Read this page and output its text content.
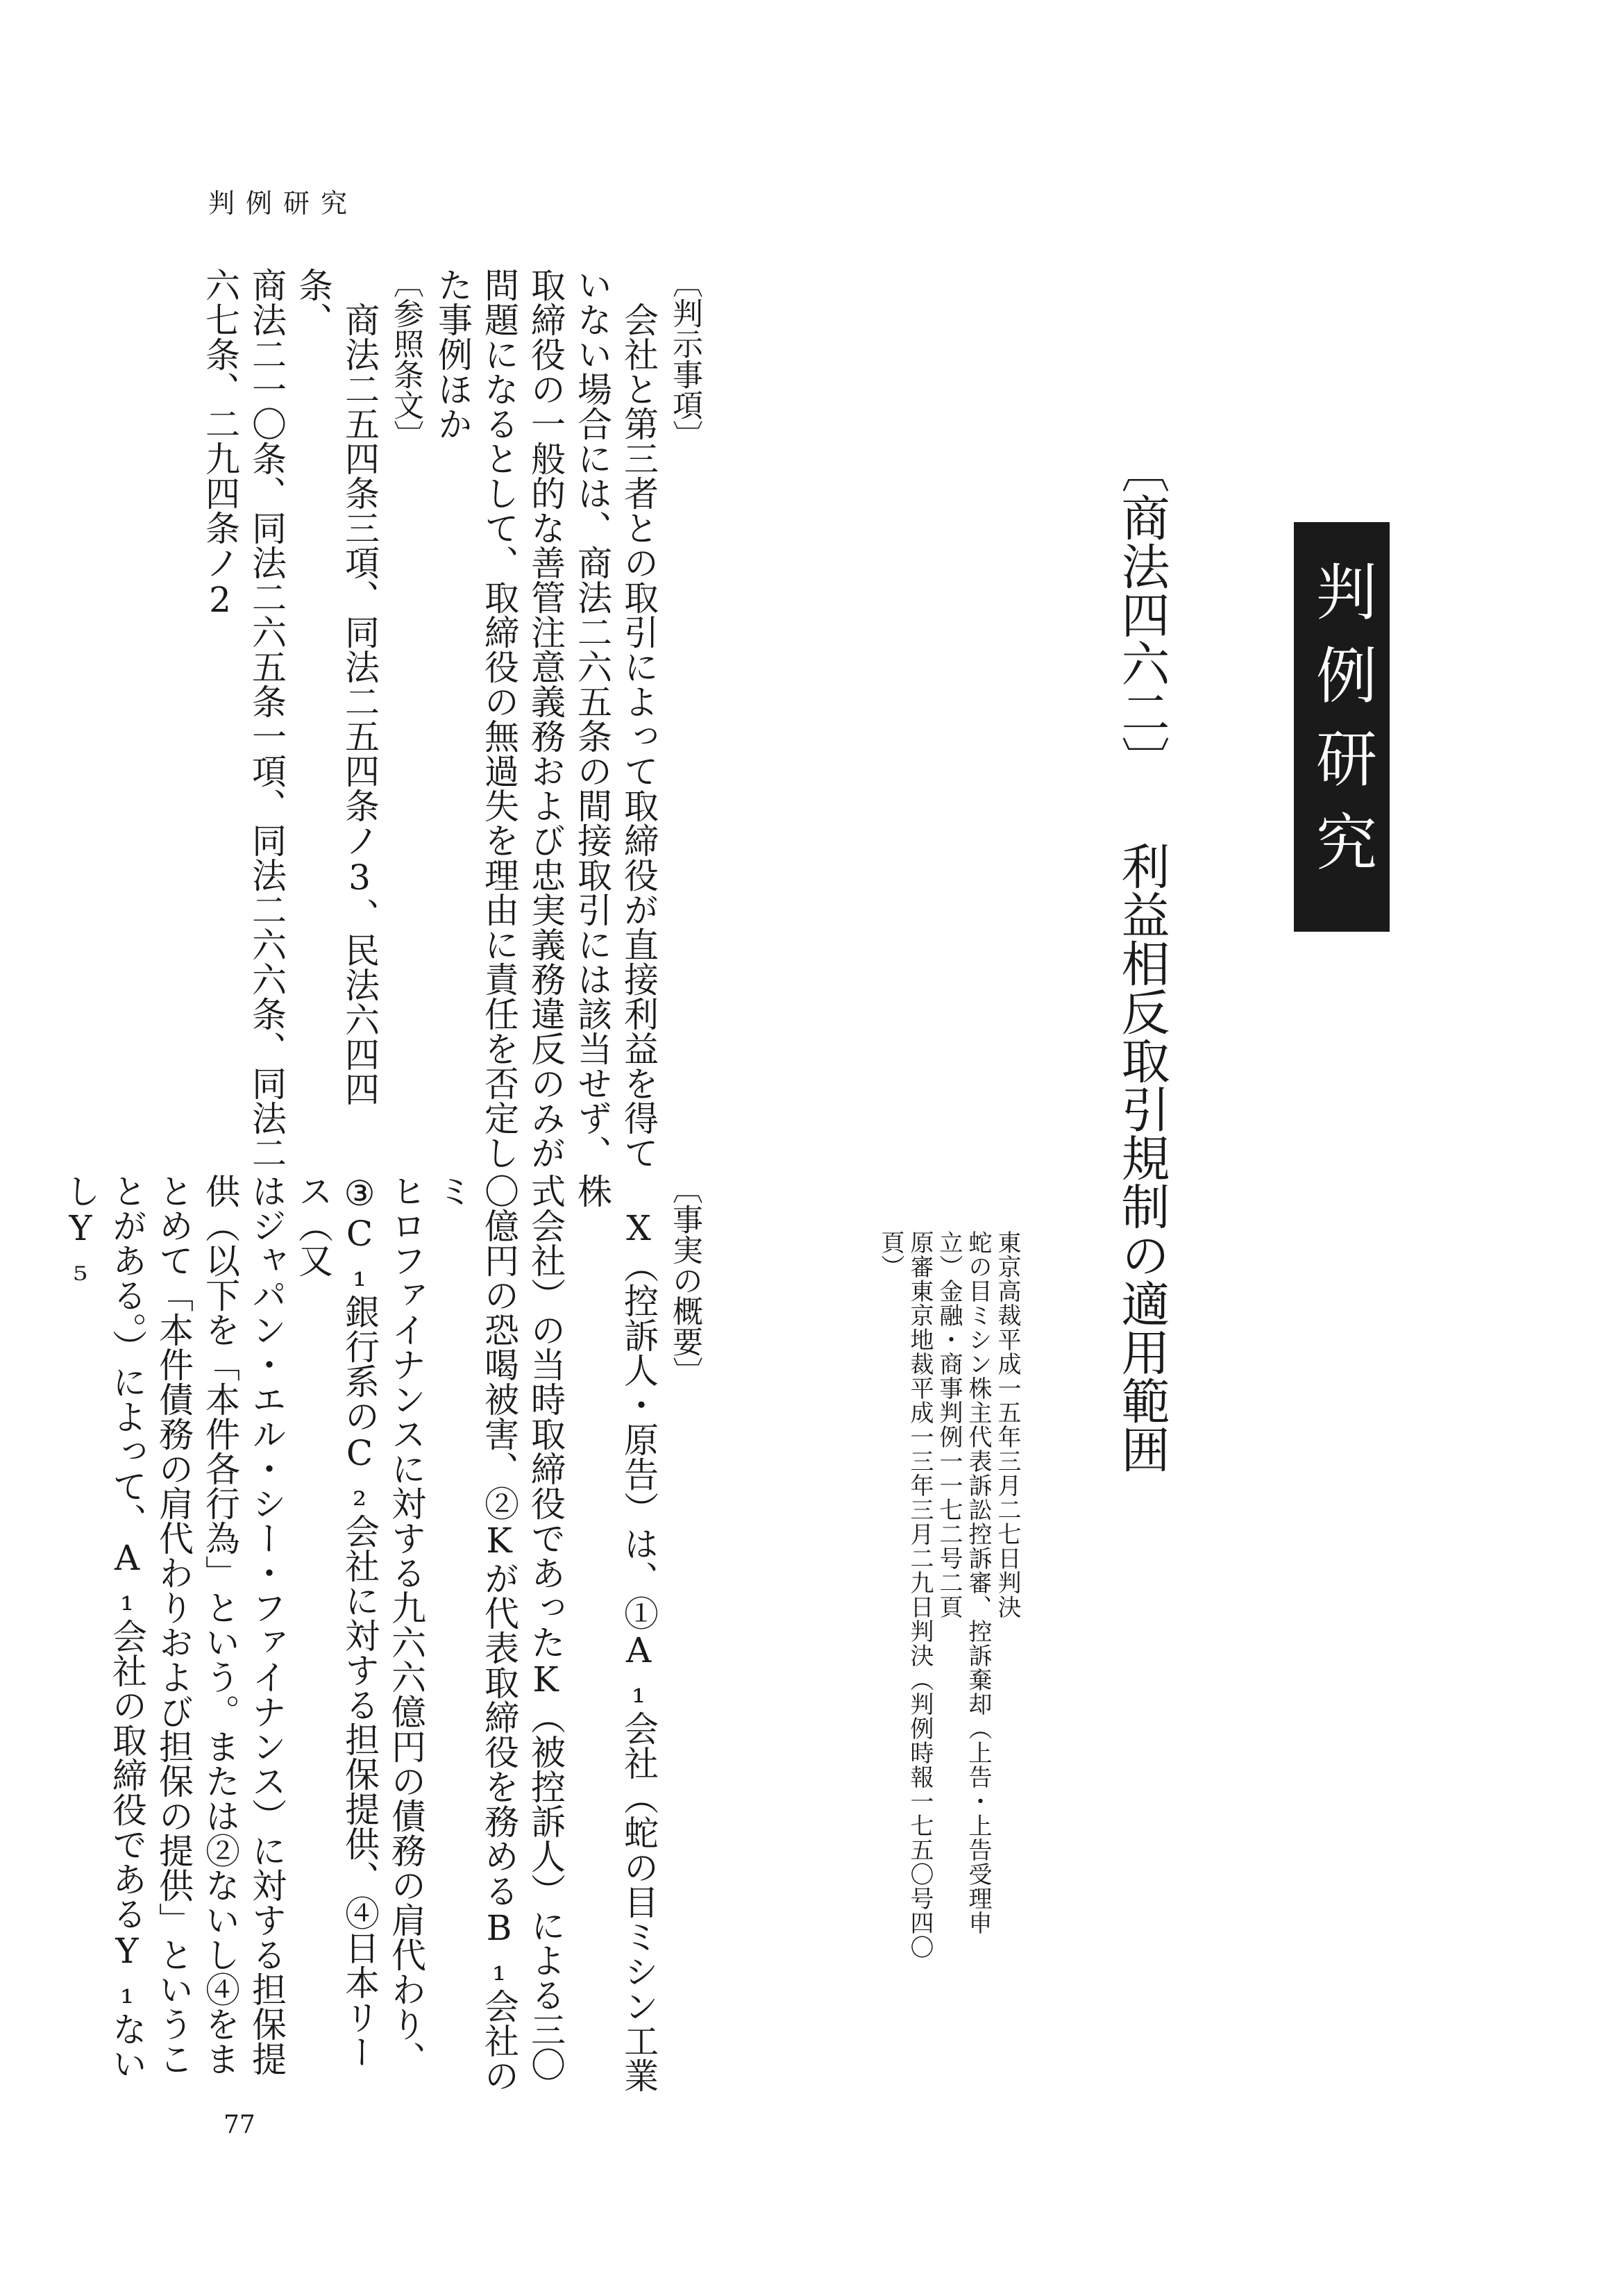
判例研究
77
判例研究
〔商法四六二〕 利益相反取引規制の適用範囲
東京高裁平成一五年三月二七日判決
蛇の目ミシン株主代表訴訟控訴審、控訴棄却（上告・上告受理申
立）金融・商事判例一一七二号二頁
原審東京地裁平成一三年三月二九日判決（判例時報一七五〇号四〇
頁）
〔判示事項〕
会社と第三者との取引によって取締役が直接利益を得て
いない場合には、商法二六五条の間接取引には該当せず、
取締役の一般的な善管注意義務および忠実義務違反のみが
問題になるとして、取締役の無過失を理由に責任を否定し
た事例ほか
〔参照条文〕
商法二五四条三項、同法二五四条ノ3、民法六四四条、
商法二一〇条、同法二六五条一項、同法二六六条、同法二
六七条、二九四条ノ2
〔事実の概要〕
X（控訴人・原告）は、①A₁会社（蛇の目ミシン工業株
式会社）の当時取締役であったK（被控訴人）による三〇
〇億円の恐喝被害、②Kが代表取締役を務めるB₁会社のミ
ヒロファイナンスに対する九六六億円の債務の肩代わり、
③C₁銀行系のC₂会社に対する担保提供、④日本リース（又
はジャパン・エル・シー・ファイナンス）に対する担保提
供（以下を「本件各行為」という。または②ないし④をま
とめて「本件債務の肩代わりおよび担保の提供」というこ
とがある。）によって、A₁会社の取締役であるY₁ないしY₅
